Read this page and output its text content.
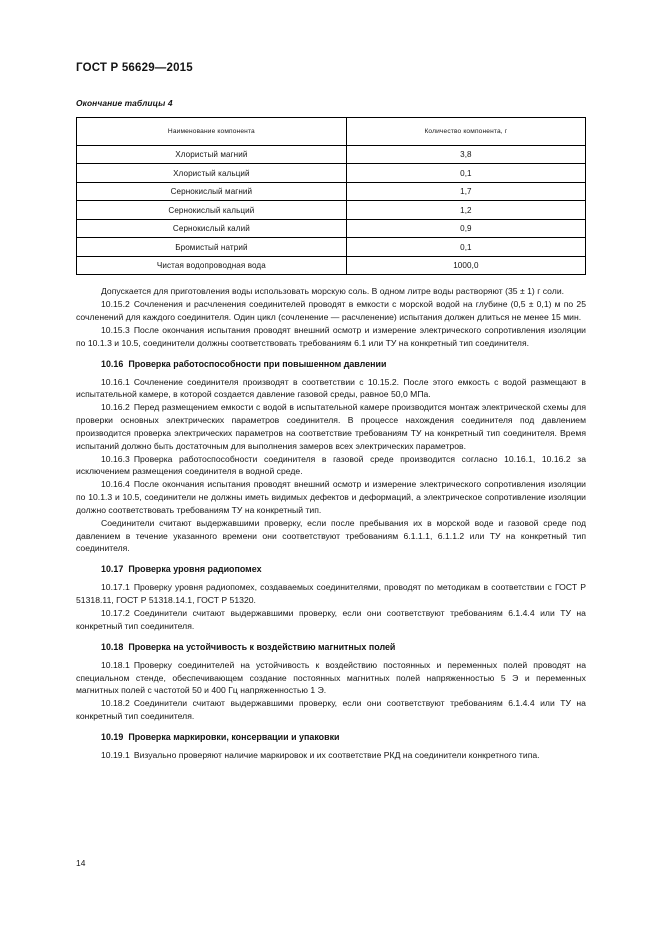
ГОСТ Р 56629—2015
Окончание таблицы 4
Наименование компонента	Количество компонента, г
Хлористый магний	3,8
Хлористый кальций	0,1
Сернокислый магний	1,7
Сернокислый кальций	1,2
Сернокислый калий	0,9
Бромистый натрий	0,1
Чистая водопроводная вода	1000,0

Допускается для приготовления воды использовать морскую соль. В одном литре воды растворяют (35 ± 1) г соли.

10.15.2 Сочленения и расчленения соединителей проводят в емкости с морской водой на глубине (0,5 ± 0,1) м по 25 сочленений для каждого соединителя. Один цикл (сочленение — расчленение) испытания должен длиться не менее 15 мин.

10.15.3 После окончания испытания проводят внешний осмотр и измерение электрического сопротивления изоляции по 10.1.3 и 10.5, соединители должны соответствовать требованиям 6.1 или ТУ на конкретный тип соединителя.

10.16 Проверка работоспособности при повышенном давлении

10.16.1 Сочленение соединителя производят в соответствии с 10.15.2. После этого емкость с водой размещают в испытательной камере, в которой создается давление газовой среды, равное 50,0 МПа.

10.16.2 Перед размещением емкости с водой в испытательной камере производится монтаж электрической схемы для проверки основных электрических параметров соединителя. В процессе нахождения соединителя под давлением производится проверка электрических параметров на соответствие требованиям ТУ на конкретный тип соединителя. Время испытаний должно быть достаточным для выполнения замеров всех электрических параметров.

10.16.3 Проверка работоспособности соединителя в газовой среде производится согласно 10.16.1, 10.16.2 за исключением размещения соединителя в водной среде.

10.16.4 После окончания испытания проводят внешний осмотр и измерение электрического сопротивления изоляции по 10.1.3 и 10.5, соединители не должны иметь видимых дефектов и деформаций, а электрическое сопротивление изоляции должно соответствовать требованиям ТУ на конкретный тип.

Соединители считают выдержавшими проверку, если после пребывания их в морской воде и газовой среде под давлением в течение указанного времени они соответствуют требованиям 6.1.1.1, 6.1.1.2 или ТУ на конкретный тип соединителя.

10.17 Проверка уровня радиопомех

10.17.1 Проверку уровня радиопомех, создаваемых соединителями, проводят по методикам в соответствии с ГОСТ Р 51318.11, ГОСТ Р 51318.14.1, ГОСТ Р 51320.

10.17.2 Соединители считают выдержавшими проверку, если они соответствуют требованиям 6.1.4.4 или ТУ на конкретный тип соединителя.

10.18 Проверка на устойчивость к воздействию магнитных полей

10.18.1 Проверку соединителей на устойчивость к воздействию постоянных и переменных полей проводят на специальном стенде, обеспечивающем создание постоянных магнитных полей напряженностью 5 Э и переменных магнитных полей с частотой 50 и 400 Гц напряженностью 1 Э.

10.18.2 Соединители считают выдержавшими проверку, если они соответствуют требованиям 6.1.4.4 или ТУ на конкретный тип соединителя.

10.19 Проверка маркировки, консервации и упаковки

10.19.1 Визуально проверяют наличие маркировок и их соответствие РКД на соединители конкретного типа.

14
